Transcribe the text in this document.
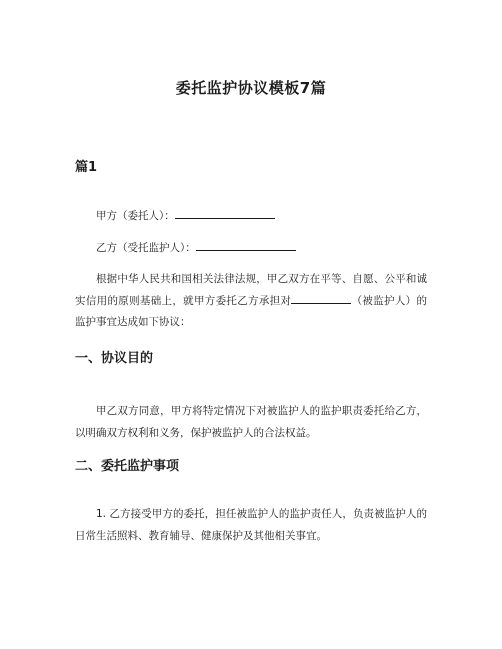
委托监护协议模板7篇
篇1
甲方（委托人）：
乙方（受托监护人）：
根据中华人民共和国相关法律法规，甲乙双方在平等、自愿、公平和诚实信用的原则基础上，就甲方委托乙方承担对	（被监护人）的监护事宜达成如下协议：
一、协议目的
甲乙双方同意，甲方将特定情况下对被监护人的监护职责委托给乙方，以明确双方权利和义务，保护被监护人的合法权益。
二、委托监护事项
1. 乙方接受甲方的委托，担任被监护人的监护责任人，负责被监护人的日常生活照料、教育辅导、健康保护及其他相关事宜。
